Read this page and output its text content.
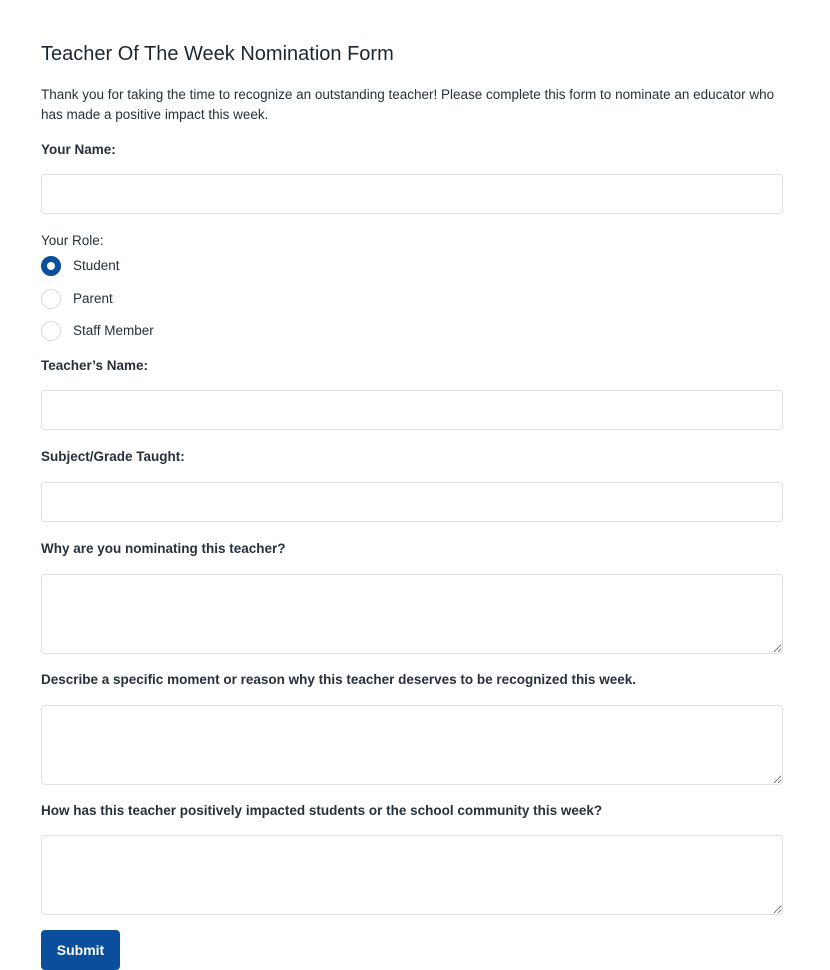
Teacher Of The Week Nomination Form
Thank you for taking the time to recognize an outstanding teacher! Please complete this form to nominate an educator who has made a positive impact this week.
Your Name:
Your Role:
Student
Parent
Staff Member
Teacher’s Name:
Subject/Grade Taught:
Why are you nominating this teacher?
Describe a specific moment or reason why this teacher deserves to be recognized this week.
How has this teacher positively impacted students or the school community this week?
Submit
